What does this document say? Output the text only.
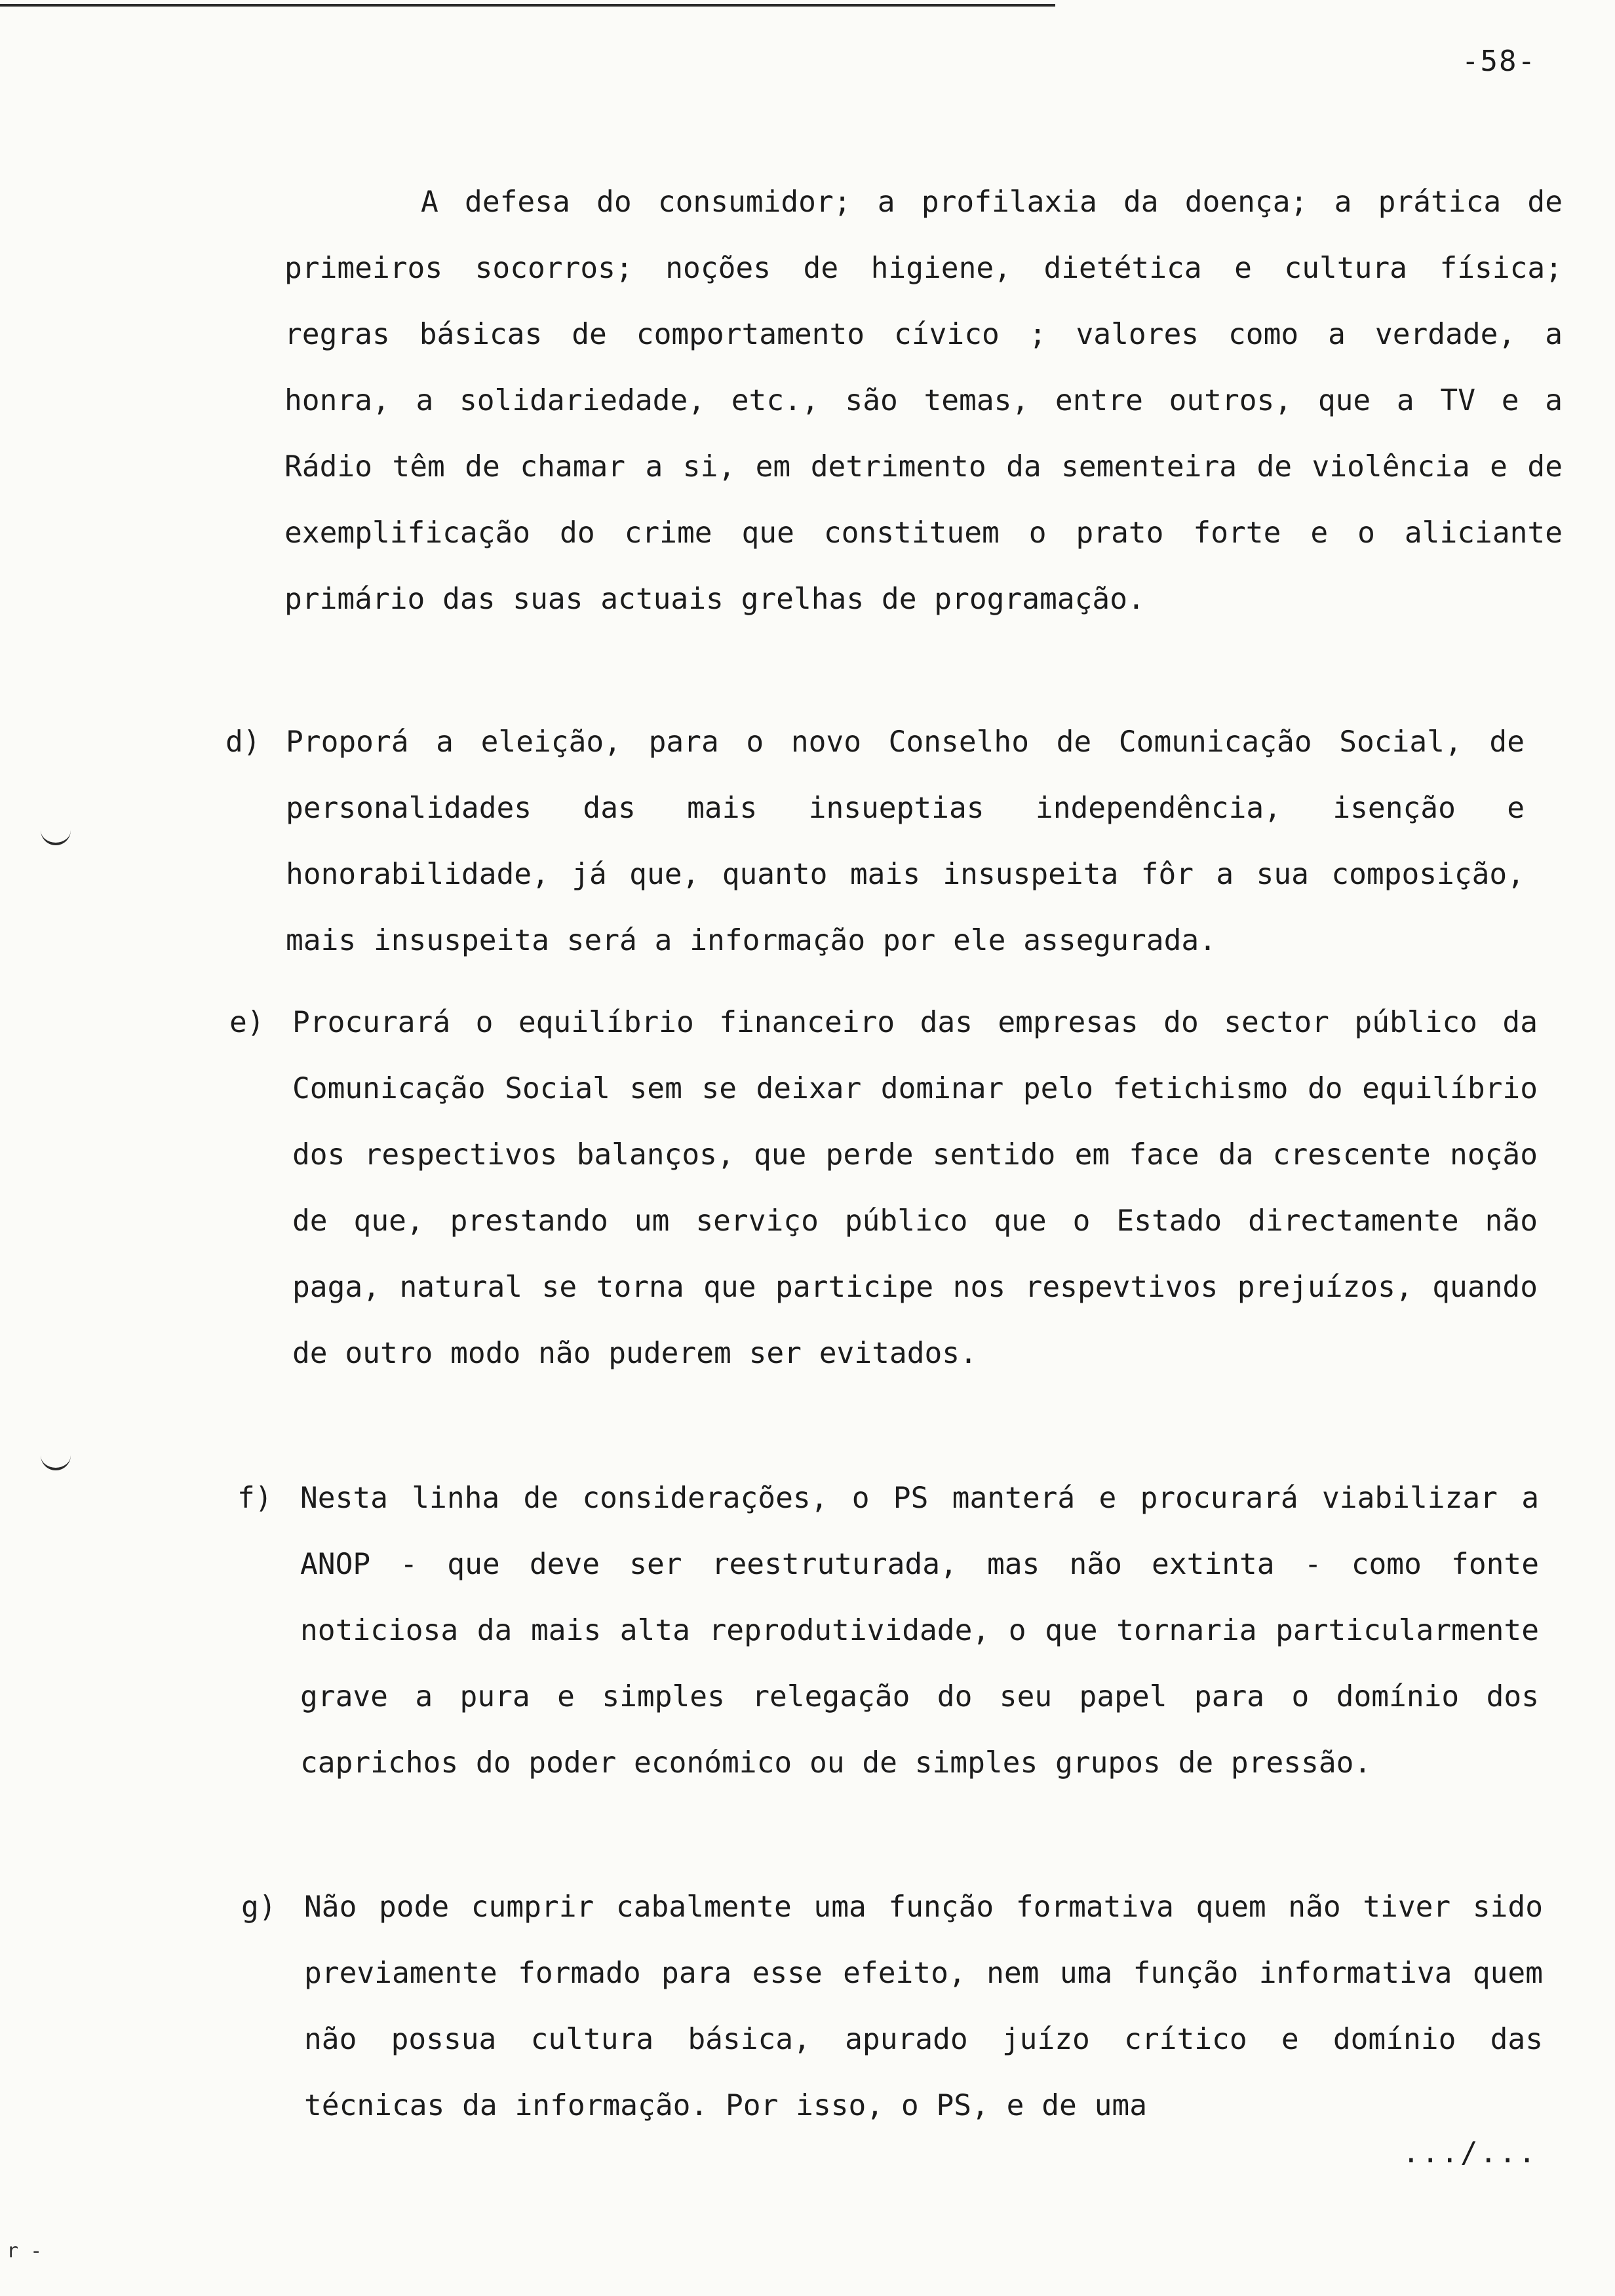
-58-

A defesa do consumidor; a profilaxia da doença; a prática de primeiros socorros; noções de higiene, dietética e cultura física; regras básicas de comportamento cívico ; valores como a verdade, a honra, a solidariedade, etc., são temas, entre outros, que a TV e a Rádio têm de chamar a si, em detrimento da sementeira de violência e de exemplificação do crime que constituem o prato forte e o aliciante primário das suas actuais grelhas de programação.

d) Proporá a eleição, para o novo Conselho de Comunicação Social, de personalidades das mais insueptias independência, isenção e honorabilidade, já que, quanto mais insuspeita fôr a sua composição, mais insuspeita será a informação por ele assegurada.

e) Procurará o equilíbrio financeiro das empresas do sector público da Comunicação Social sem se deixar dominar pelo fetichismo do equilíbrio dos respectivos balanços, que perde sentido em face da crescente noção de que, prestando um serviço público que o Estado directamente não paga, natural se torna que participe nos respevtivos prejuízos, quando de outro modo não puderem ser evitados.

f) Nesta linha de considerações, o PS manterá e procurará viabilizar a ANOP - que deve ser reestruturada, mas não extinta - como fonte noticiosa da mais alta reprodutividade, o que tornaria particularmente grave a pura e simples relegação do seu papel para o domínio dos caprichos do poder económico ou de simples grupos de pressão.

g) Não pode cumprir cabalmente uma função formativa quem não tiver sido previamente formado para esse efeito, nem uma função informativa quem não possua cultura básica, apurado juízo crítico e domínio das técnicas da informação. Por isso, o PS, e de uma

.../...
r -
